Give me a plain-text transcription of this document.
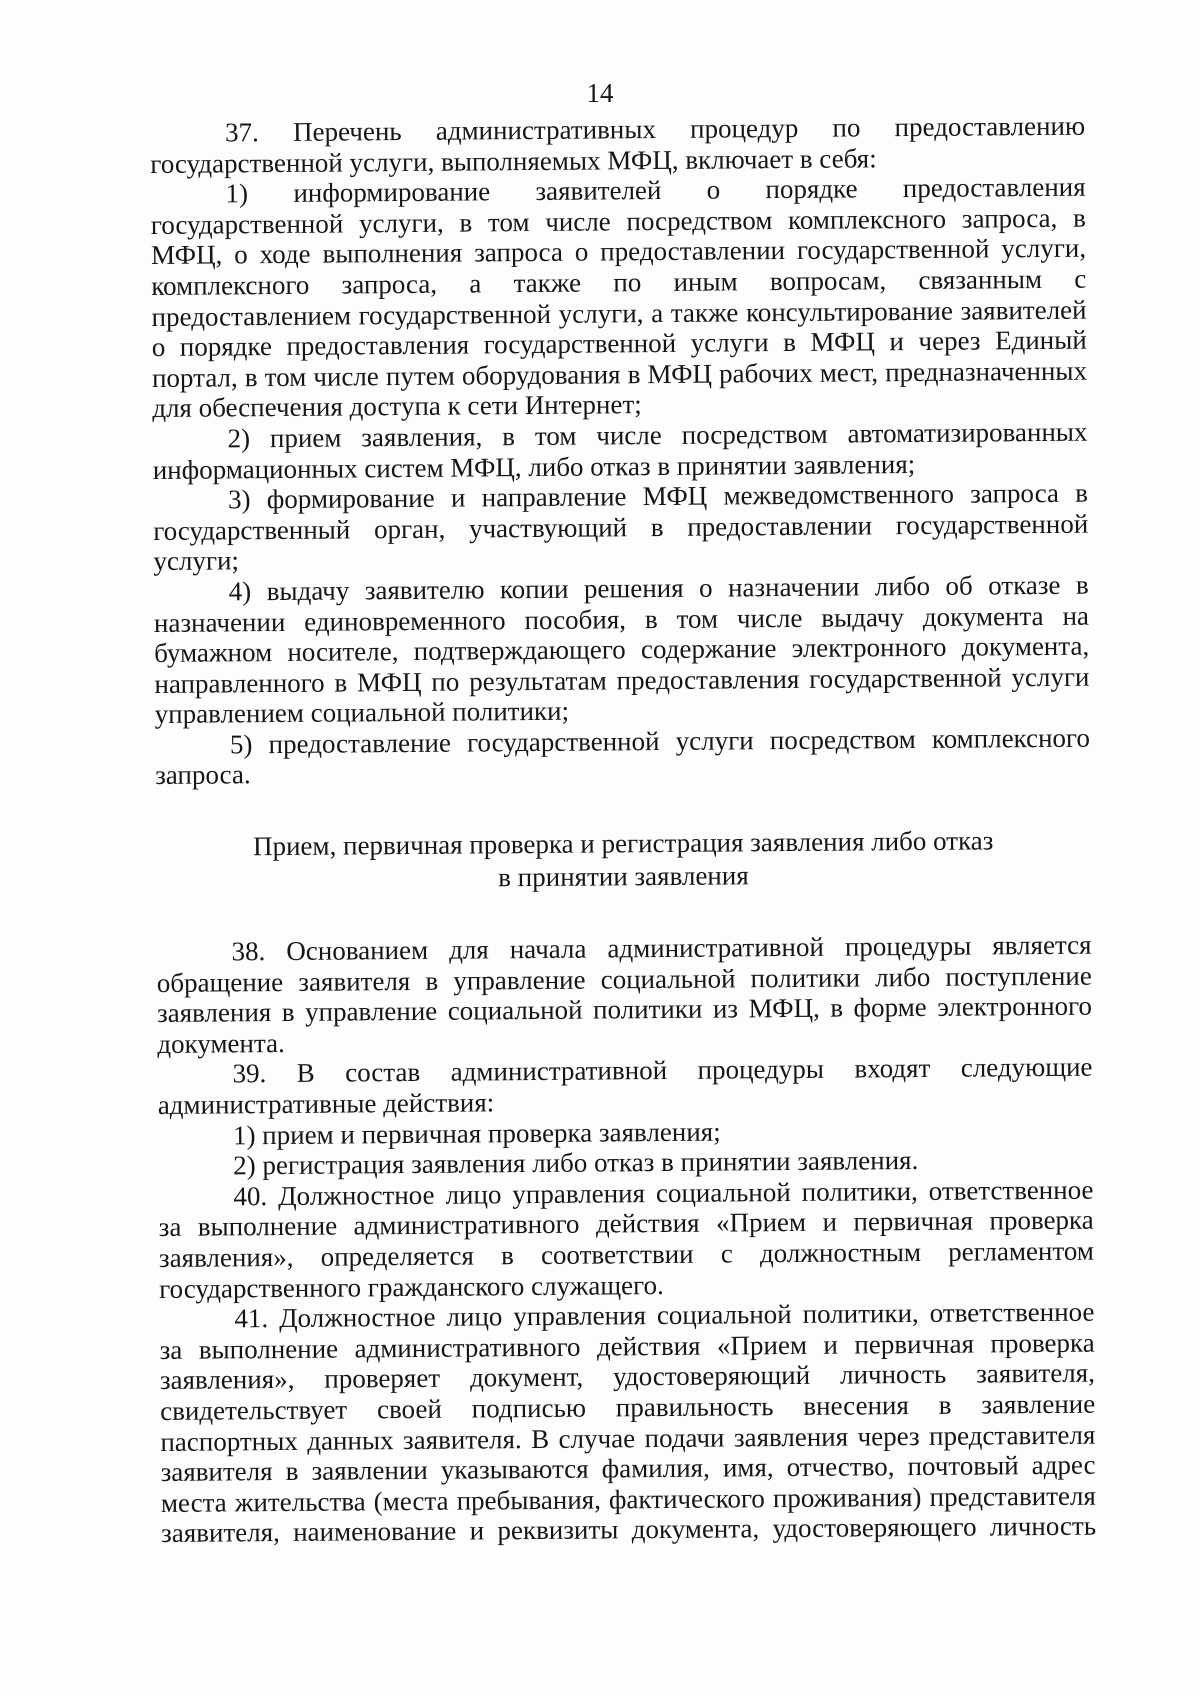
14

37. Перечень административных процедур по предоставлению государственной услуги, выполняемых МФЦ, включает в себя:

1) информирование заявителей о порядке предоставления государственной услуги, в том числе посредством комплексного запроса, в МФЦ, о ходе выполнения запроса о предоставлении государственной услуги, комплексного запроса, а также по иным вопросам, связанным с предоставлением государственной услуги, а также консультирование заявителей о порядке предоставления государственной услуги в МФЦ и через Единый портал, в том числе путем оборудования в МФЦ рабочих мест, предназначенных для обеспечения доступа к сети Интернет;

2) прием заявления, в том числе посредством автоматизированных информационных систем МФЦ, либо отказ в принятии заявления;

3) формирование и направление МФЦ межведомственного запроса в государственный орган, участвующий в предоставлении государственной услуги;

4) выдачу заявителю копии решения о назначении либо об отказе в назначении единовременного пособия, в том числе выдачу документа на бумажном носителе, подтверждающего содержание электронного документа, направленного в МФЦ по результатам предоставления государственной услуги управлением социальной политики;

5) предоставление государственной услуги посредством комплексного запроса.

Прием, первичная проверка и регистрация заявления либо отказ
в принятии заявления

38. Основанием для начала административной процедуры является обращение заявителя в управление социальной политики либо поступление заявления в управление социальной политики из МФЦ, в форме электронного документа.

39. В состав административной процедуры входят следующие административные действия:

1) прием и первичная проверка заявления;

2) регистрация заявления либо отказ в принятии заявления.

40. Должностное лицо управления социальной политики, ответственное за выполнение административного действия «Прием и первичная проверка заявления», определяется в соответствии с должностным регламентом государственного гражданского служащего.

41. Должностное лицо управления социальной политики, ответственное за выполнение административного действия «Прием и первичная проверка заявления», проверяет документ, удостоверяющий личность заявителя, свидетельствует своей подписью правильность внесения в заявление паспортных данных заявителя. В случае подачи заявления через представителя заявителя в заявлении указываются фамилия, имя, отчество, почтовый адрес места жительства (места пребывания, фактического проживания) представителя заявителя, наименование и реквизиты документа, удостоверяющего личность
